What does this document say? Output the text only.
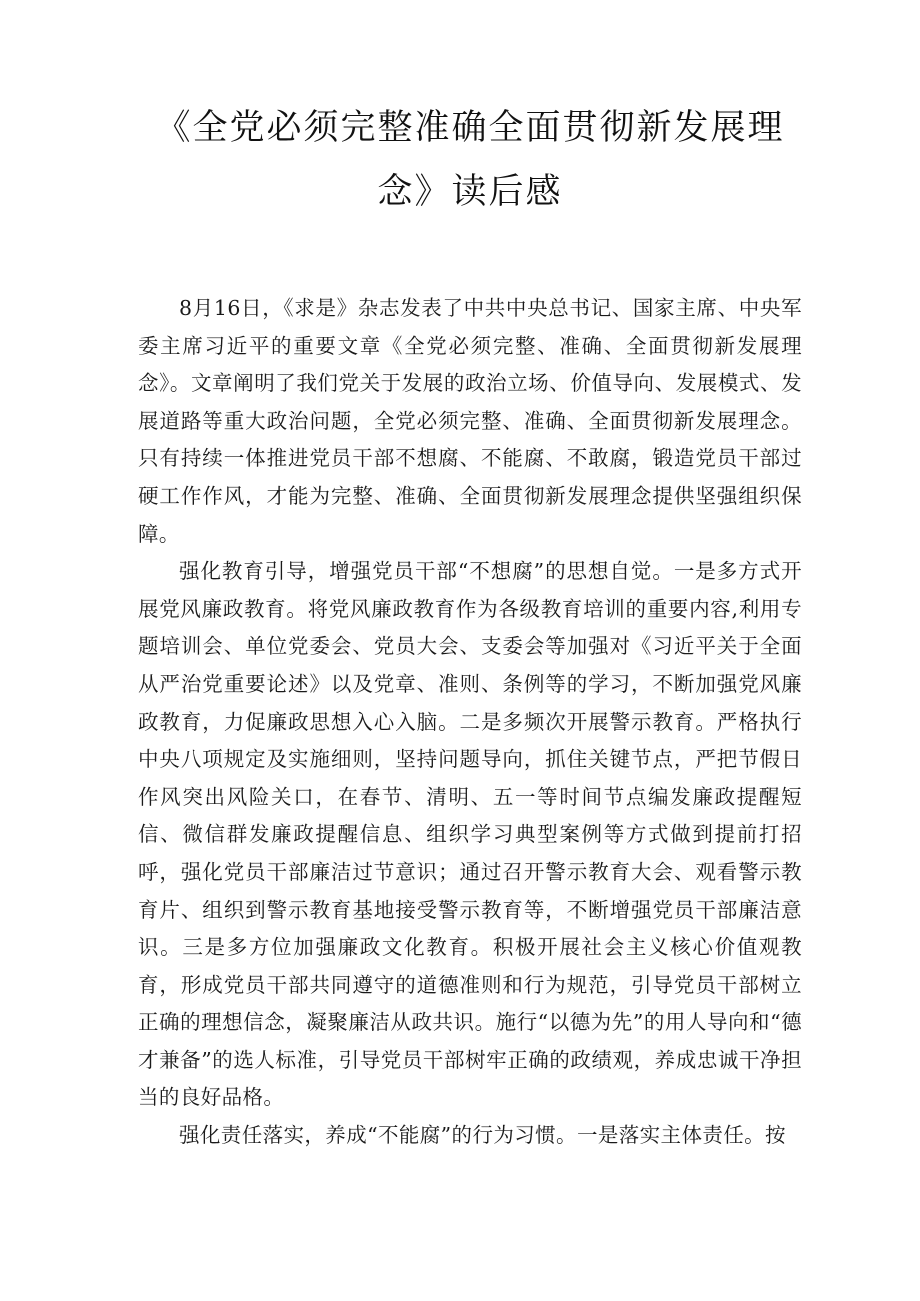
《全党必须完整准确全面贯彻新发展理念》读后感

8月16日，《求是》杂志发表了中共中央总书记、国家主席、中央军委主席习近平的重要文章《全党必须完整、准确、全面贯彻新发展理念》。文章阐明了我们党关于发展的政治立场、价值导向、发展模式、发展道路等重大政治问题，全党必须完整、准确、全面贯彻新发展理念。只有持续一体推进党员干部不想腐、不能腐、不敢腐，锻造党员干部过硬工作作风，才能为完整、准确、全面贯彻新发展理念提供坚强组织保障。

强化教育引导，增强党员干部“不想腐”的思想自觉。一是多方式开展党风廉政教育。将党风廉政教育作为各级教育培训的重要内容,利用专题培训会、单位党委会、党员大会、支委会等加强对《习近平关于全面从严治党重要论述》以及党章、准则、条例等的学习，不断加强党风廉政教育，力促廉政思想入心入脑。二是多频次开展警示教育。严格执行中央八项规定及实施细则，坚持问题导向，抓住关键节点，严把节假日作风突出风险关口，在春节、清明、五一等时间节点编发廉政提醒短信、微信群发廉政提醒信息、组织学习典型案例等方式做到提前打招呼，强化党员干部廉洁过节意识；通过召开警示教育大会、观看警示教育片、组织到警示教育基地接受警示教育等，不断增强党员干部廉洁意识。三是多方位加强廉政文化教育。积极开展社会主义核心价值观教育，形成党员干部共同遵守的道德准则和行为规范，引导党员干部树立正确的理想信念，凝聚廉洁从政共识。施行“以德为先”的用人导向和“德才兼备”的选人标准，引导党员干部树牢正确的政绩观，养成忠诚干净担当的良好品格。

强化责任落实，养成“不能腐”的行为习惯。一是落实主体责任。按
